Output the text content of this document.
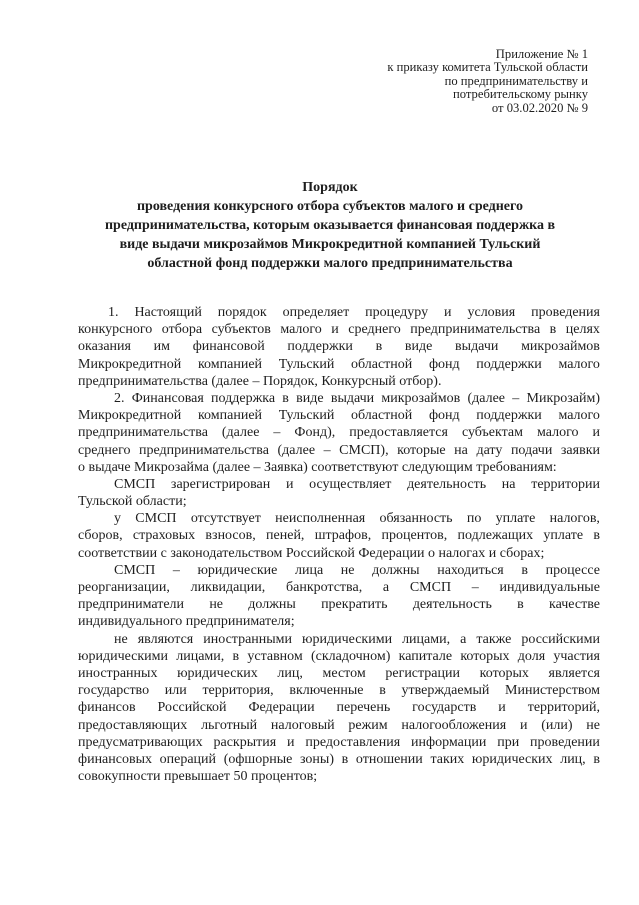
Приложение № 1
к приказу комитета Тульской области
по предпринимательству и
потребительскому рынку
от 03.02.2020 № 9
Порядок
проведения конкурсного отбора субъектов малого и среднего
предпринимательства, которым оказывается финансовая поддержка в
виде выдачи микрозаймов Микрокредитной компанией Тульский
областной фонд поддержки малого предпринимательства
1. Настоящий порядок определяет процедуру и условия проведения
конкурсного отбора субъектов малого и среднего предпринимательства в целях
оказания им финансовой поддержки в виде выдачи микрозаймов
Микрокредитной компанией Тульский областной фонд поддержки малого
предпринимательства (далее – Порядок, Конкурсный отбор).
2. Финансовая поддержка в виде выдачи микрозаймов (далее – Микрозайм)
Микрокредитной компанией Тульский областной фонд поддержки малого
предпринимательства (далее – Фонд), предоставляется субъектам малого и
среднего предпринимательства (далее – СМСП), которые на дату подачи заявки
о выдаче Микрозайма (далее – Заявка) соответствуют следующим требованиям:
СМСП зарегистрирован и осуществляет деятельность на территории
Тульской области;
у СМСП отсутствует неисполненная обязанность по уплате налогов,
сборов, страховых взносов, пеней, штрафов, процентов, подлежащих уплате в
соответствии с законодательством Российской Федерации о налогах и сборах;
СМСП – юридические лица не должны находиться в процессе
реорганизации, ликвидации, банкротства, а СМСП – индивидуальные
предприниматели не должны прекратить деятельность в качестве
индивидуального предпринимателя;
не являются иностранными юридическими лицами, а также российскими
юридическими лицами, в уставном (складочном) капитале которых доля участия
иностранных юридических лиц, местом регистрации которых является
государство или территория, включенные в утверждаемый Министерством
финансов Российской Федерации перечень государств и территорий,
предоставляющих льготный налоговый режим налогообложения и (или) не
предусматривающих раскрытия и предоставления информации при проведении
финансовых операций (офшорные зоны) в отношении таких юридических лиц, в
совокупности превышает 50 процентов;
